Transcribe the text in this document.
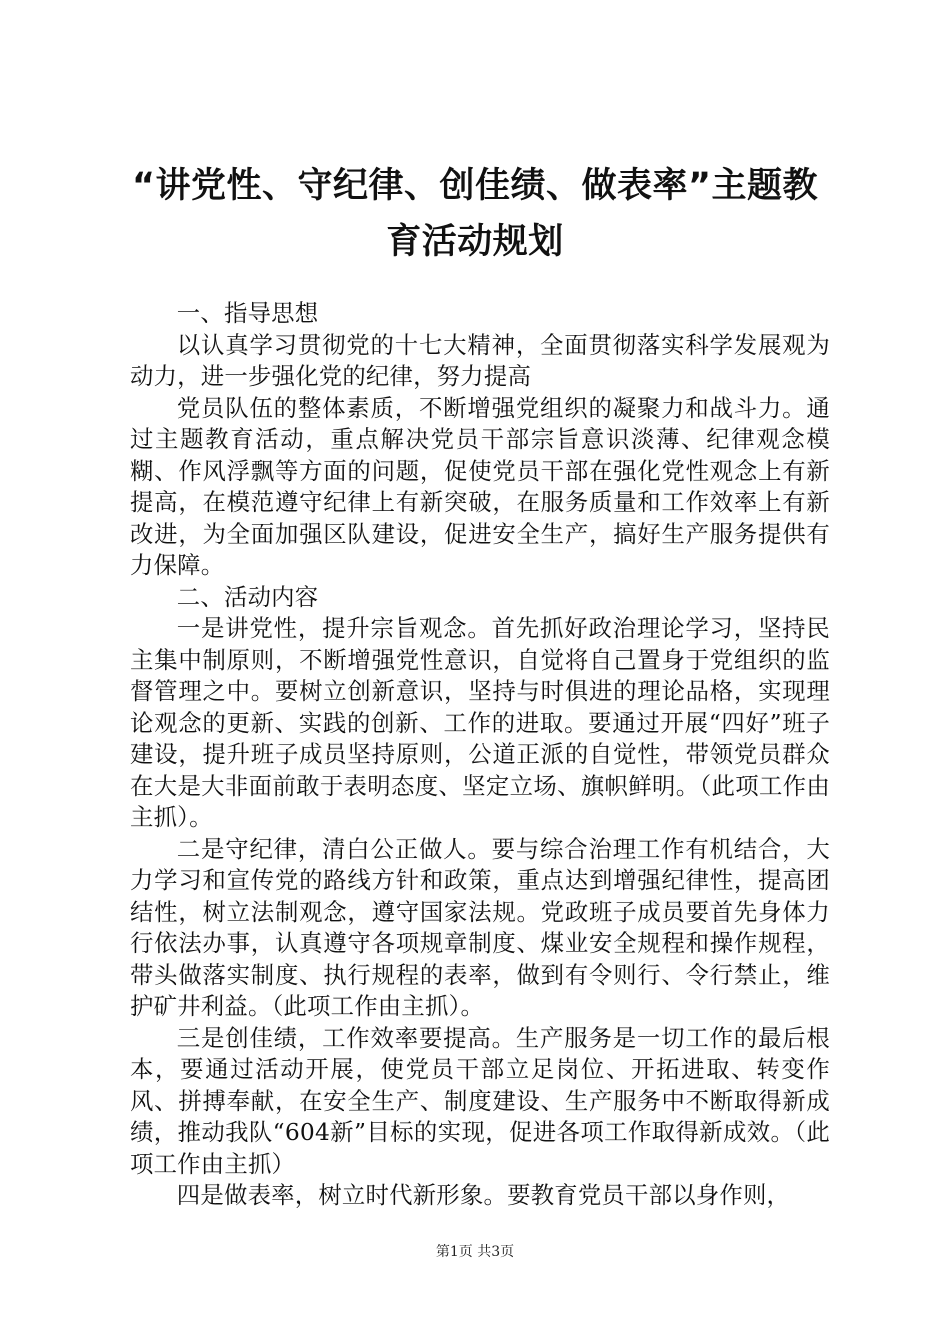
“讲党性、守纪律、创佳绩、做表率”主题教育活动规划

一、指导思想

以认真学习贯彻党的十七大精神，全面贯彻落实科学发展观为动力，进一步强化党的纪律，努力提高

党员队伍的整体素质，不断增强党组织的凝聚力和战斗力。通过主题教育活动，重点解决党员干部宗旨意识淡薄、纪律观念模糊、作风浮飘等方面的问题，促使党员干部在强化党性观念上有新提高，在模范遵守纪律上有新突破，在服务质量和工作效率上有新改进，为全面加强区队建设，促进安全生产，搞好生产服务提供有力保障。

二、活动内容

一是讲党性，提升宗旨观念。首先抓好政治理论学习，坚持民主集中制原则，不断增强党性意识，自觉将自己置身于党组织的监督管理之中。要树立创新意识，坚持与时俱进的理论品格，实现理论观念的更新、实践的创新、工作的进取。要通过开展“四好”班子建设，提升班子成员坚持原则，公道正派的自觉性，带领党员群众在大是大非面前敢于表明态度、坚定立场、旗帜鲜明。（此项工作由主抓）。

二是守纪律，清白公正做人。要与综合治理工作有机结合，大力学习和宣传党的路线方针和政策，重点达到增强纪律性，提高团结性，树立法制观念，遵守国家法规。党政班子成员要首先身体力行依法办事，认真遵守各项规章制度、煤业安全规程和操作规程，带头做落实制度、执行规程的表率，做到有令则行、令行禁止，维护矿井利益。（此项工作由主抓）。

三是创佳绩，工作效率要提高。生产服务是一切工作的最后根本，要通过活动开展，使党员干部立足岗位、开拓进取、转变作风、拼搏奉献，在安全生产、制度建设、生产服务中不断取得新成绩，推动我队“604新”目标的实现，促进各项工作取得新成效。（此项工作由主抓）

四是做表率，树立时代新形象。要教育党员干部以身作则，

第1页 共3页
